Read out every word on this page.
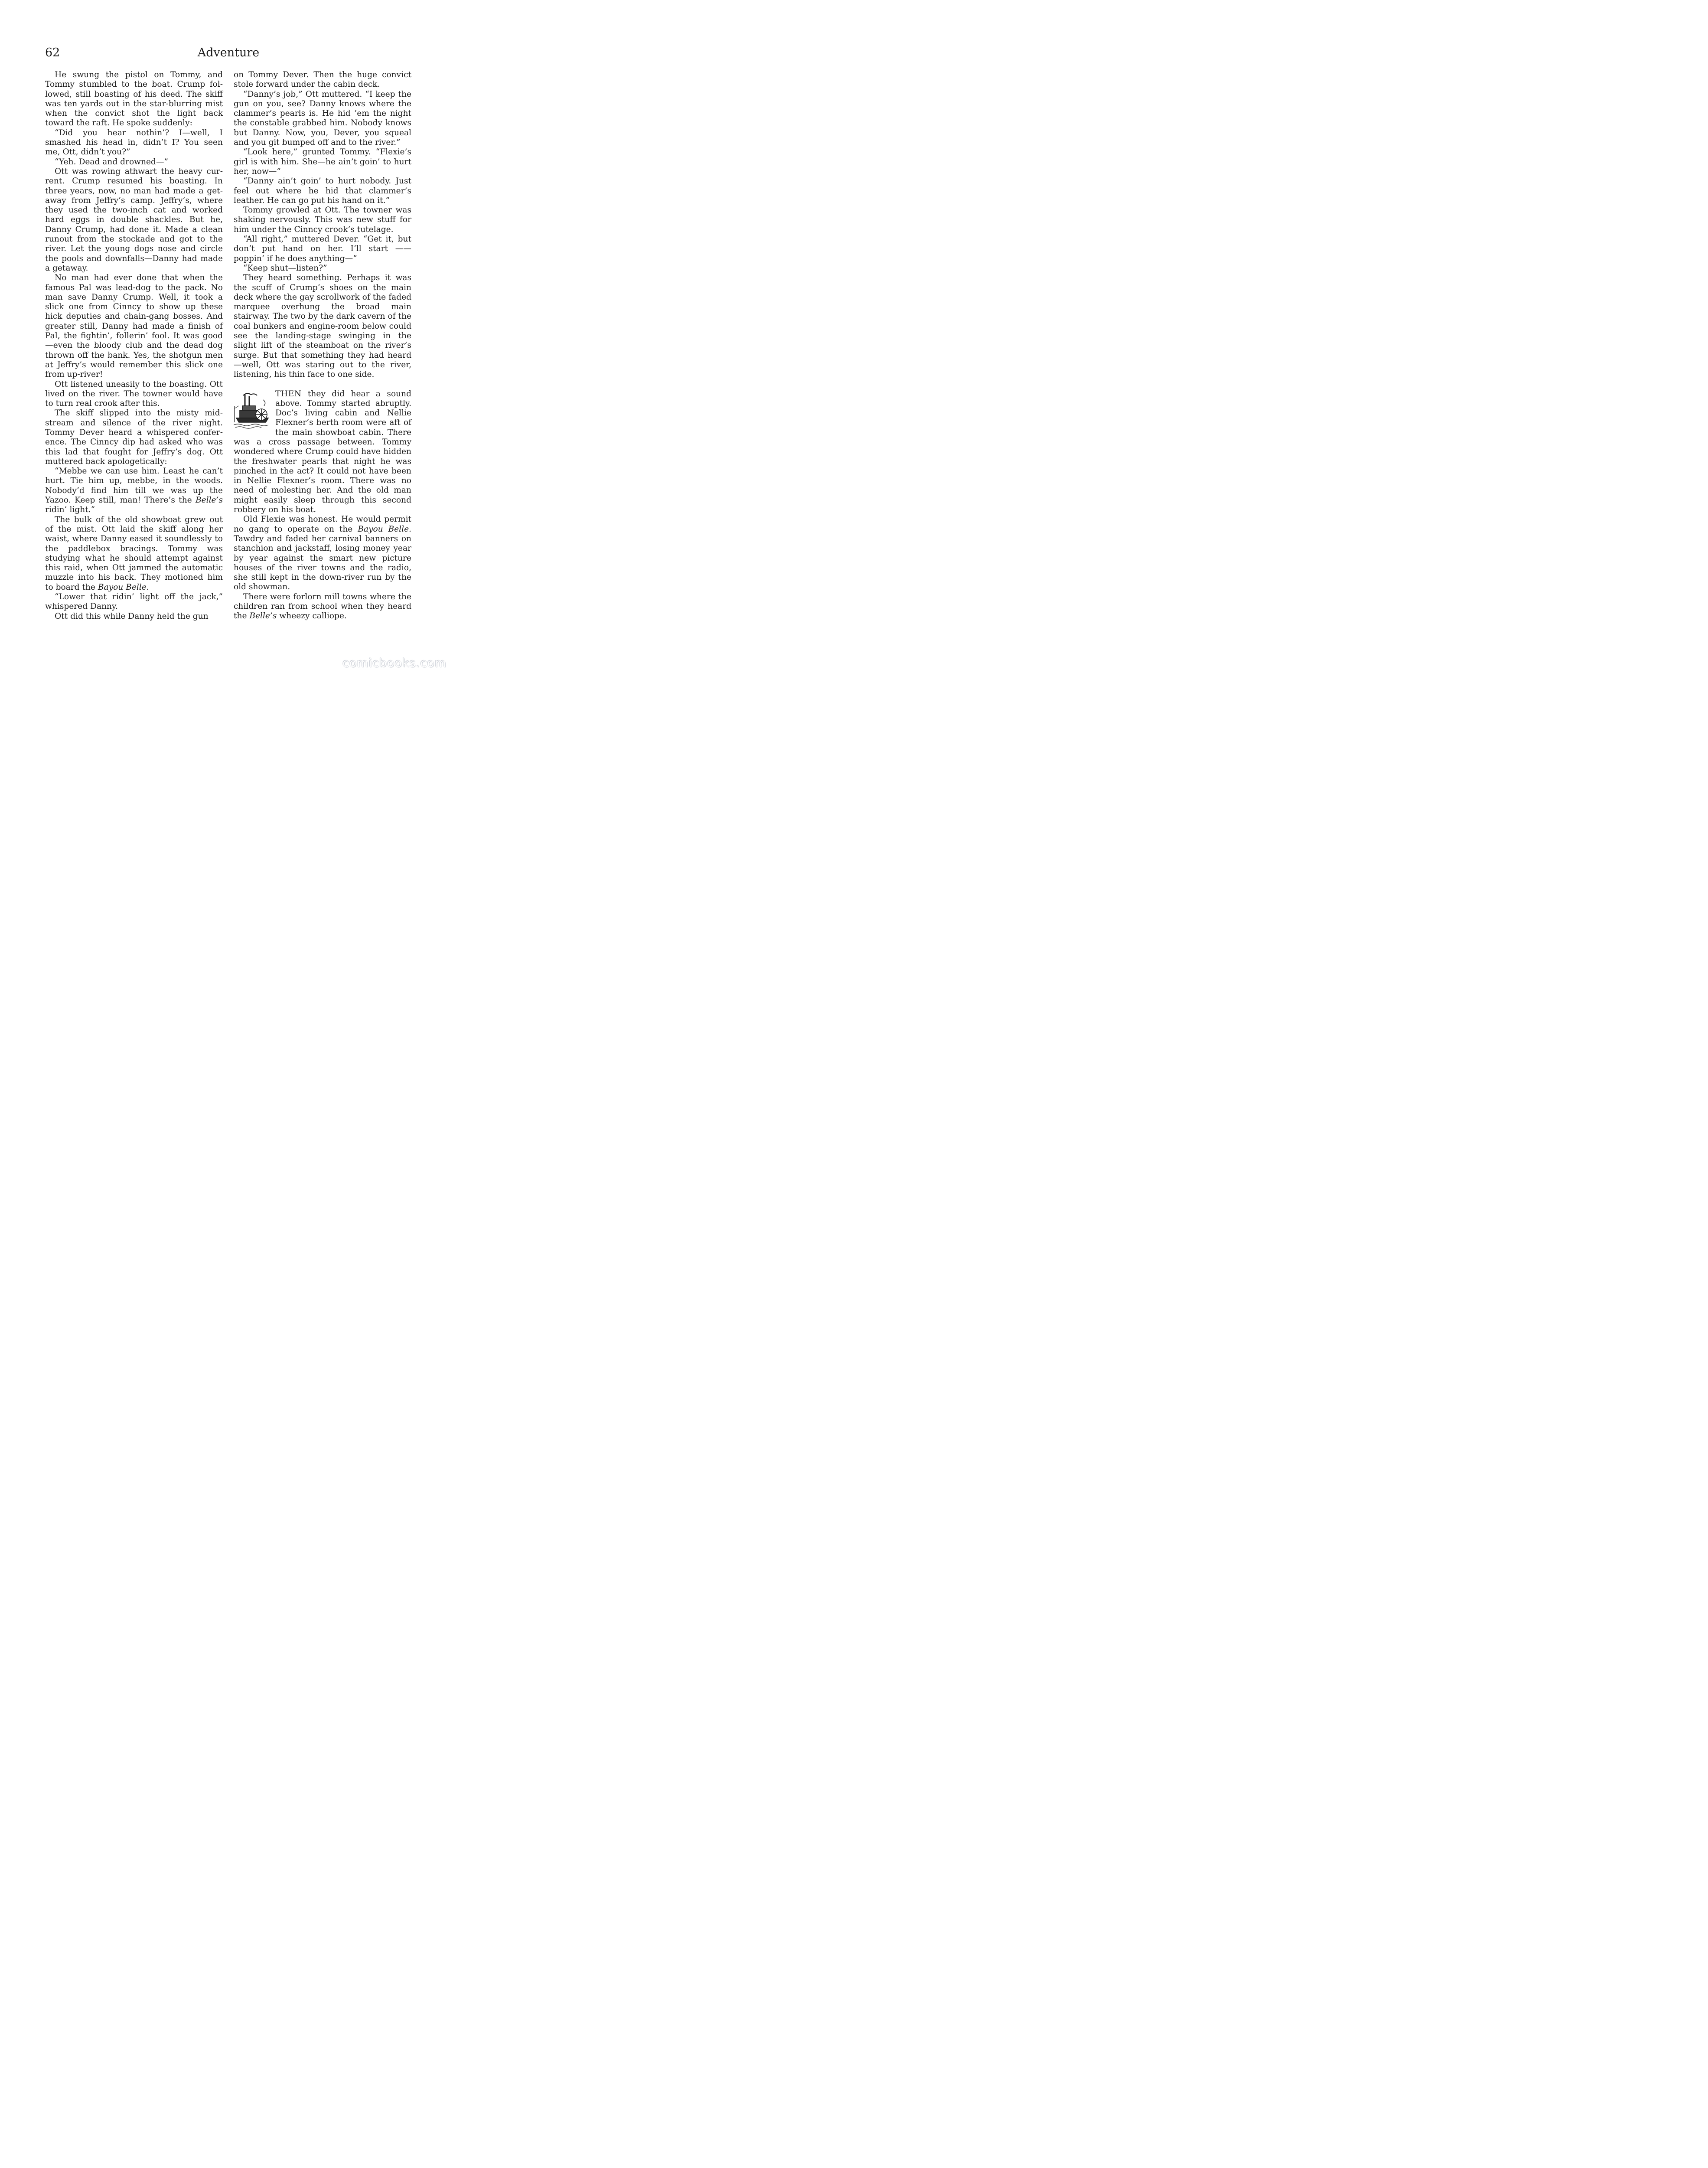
62	Adventure

He swung the pistol on Tommy, and Tommy stumbled to the boat. Crump followed, still boasting of his deed. The skiff was ten yards out in the star-blurring mist when the convict shot the light back toward the raft. He spoke suddenly:

“Did you hear nothin’? I—well, I smashed his head in, didn’t I? You seen me, Ott, didn’t you?”

“Yeh. Dead and drowned—”

Ott was rowing athwart the heavy current. Crump resumed his boasting. In three years, now, no man had made a getaway from Jeffry’s camp. Jeffry’s, where they used the two-inch cat and worked hard eggs in double shackles. But he, Danny Crump, had done it. Made a clean runout from the stockade and got to the river. Let the young dogs nose and circle the pools and downfalls—Danny had made a getaway.

No man had ever done that when the famous Pal was lead-dog to the pack. No man save Danny Crump. Well, it took a slick one from Cinncy to show up these hick deputies and chain-gang bosses. And greater still, Danny had made a finish of Pal, the fightin’, follerin’ fool. It was good—even the bloody club and the dead dog thrown off the bank. Yes, the shotgun men at Jeffry’s would remember this slick one from up-river!

Ott listened uneasily to the boasting. Ott lived on the river. The towner would have to turn real crook after this.

The skiff slipped into the misty midstream and silence of the river night. Tommy Dever heard a whispered conference. The Cinncy dip had asked who was this lad that fought for Jeffry’s dog. Ott muttered back apologetically:

“Mebbe we can use him. Least he can’t hurt. Tie him up, mebbe, in the woods. Nobody’d find him till we was up the Yazoo. Keep still, man! There’s the Belle’s ridin’ light.”

The bulk of the old showboat grew out of the mist. Ott laid the skiff along her waist, where Danny eased it soundlessly to the paddlebox bracings. Tommy was studying what he should attempt against this raid, when Ott jammed the automatic muzzle into his back. They motioned him to board the Bayou Belle.

“Lower that ridin’ light off the jack,” whispered Danny.

Ott did this while Danny held the gun

on Tommy Dever. Then the huge convict stole forward under the cabin deck.

“Danny’s job,” Ott muttered. “I keep the gun on you, see? Danny knows where the clammer’s pearls is. He hid ’em the night the constable grabbed him. Nobody knows but Danny. Now, you, Dever, you squeal and you git bumped off and to the river.”

“Look here,” grunted Tommy. “Flexie’s girl is with him. She—he ain’t goin’ to hurt her, now—”

“Danny ain’t goin’ to hurt nobody. Just feel out where he hid that clammer’s leather. He can go put his hand on it.”

Tommy growled at Ott. The towner was shaking nervously. This was new stuff for him under the Cinncy crook’s tutelage.

“All right,” muttered Dever. “Get it, but don’t put hand on her. I’ll start —— poppin’ if he does anything—”

“Keep shut—listen?”

They heard something. Perhaps it was the scuff of Crump’s shoes on the main deck where the gay scrollwork of the faded marquee overhung the broad main stairway. The two by the dark cavern of the coal bunkers and engine-room below could see the landing-stage swinging in the slight lift of the steamboat on the river’s surge. But that something they had heard—well, Ott was staring out to the river, listening, his thin face to one side.

THEN they did hear a sound above. Tommy started abruptly. Doc’s living cabin and Nellie Flexner’s berth room were aft of the main showboat cabin. There was a cross passage between. Tommy wondered where Crump could have hidden the freshwater pearls that night he was pinched in the act? It could not have been in Nellie Flexner’s room. There was no need of molesting her. And the old man might easily sleep through this second robbery on his boat.

Old Flexie was honest. He would permit no gang to operate on the Bayou Belle. Tawdry and faded her carnival banners on stanchion and jackstaff, losing money year by year against the smart new picture houses of the river towns and the radio, she still kept in the down-river run by the old showman.

There were forlorn mill towns where the children ran from school when they heard the Belle’s wheezy calliope.

comicbooks.com
